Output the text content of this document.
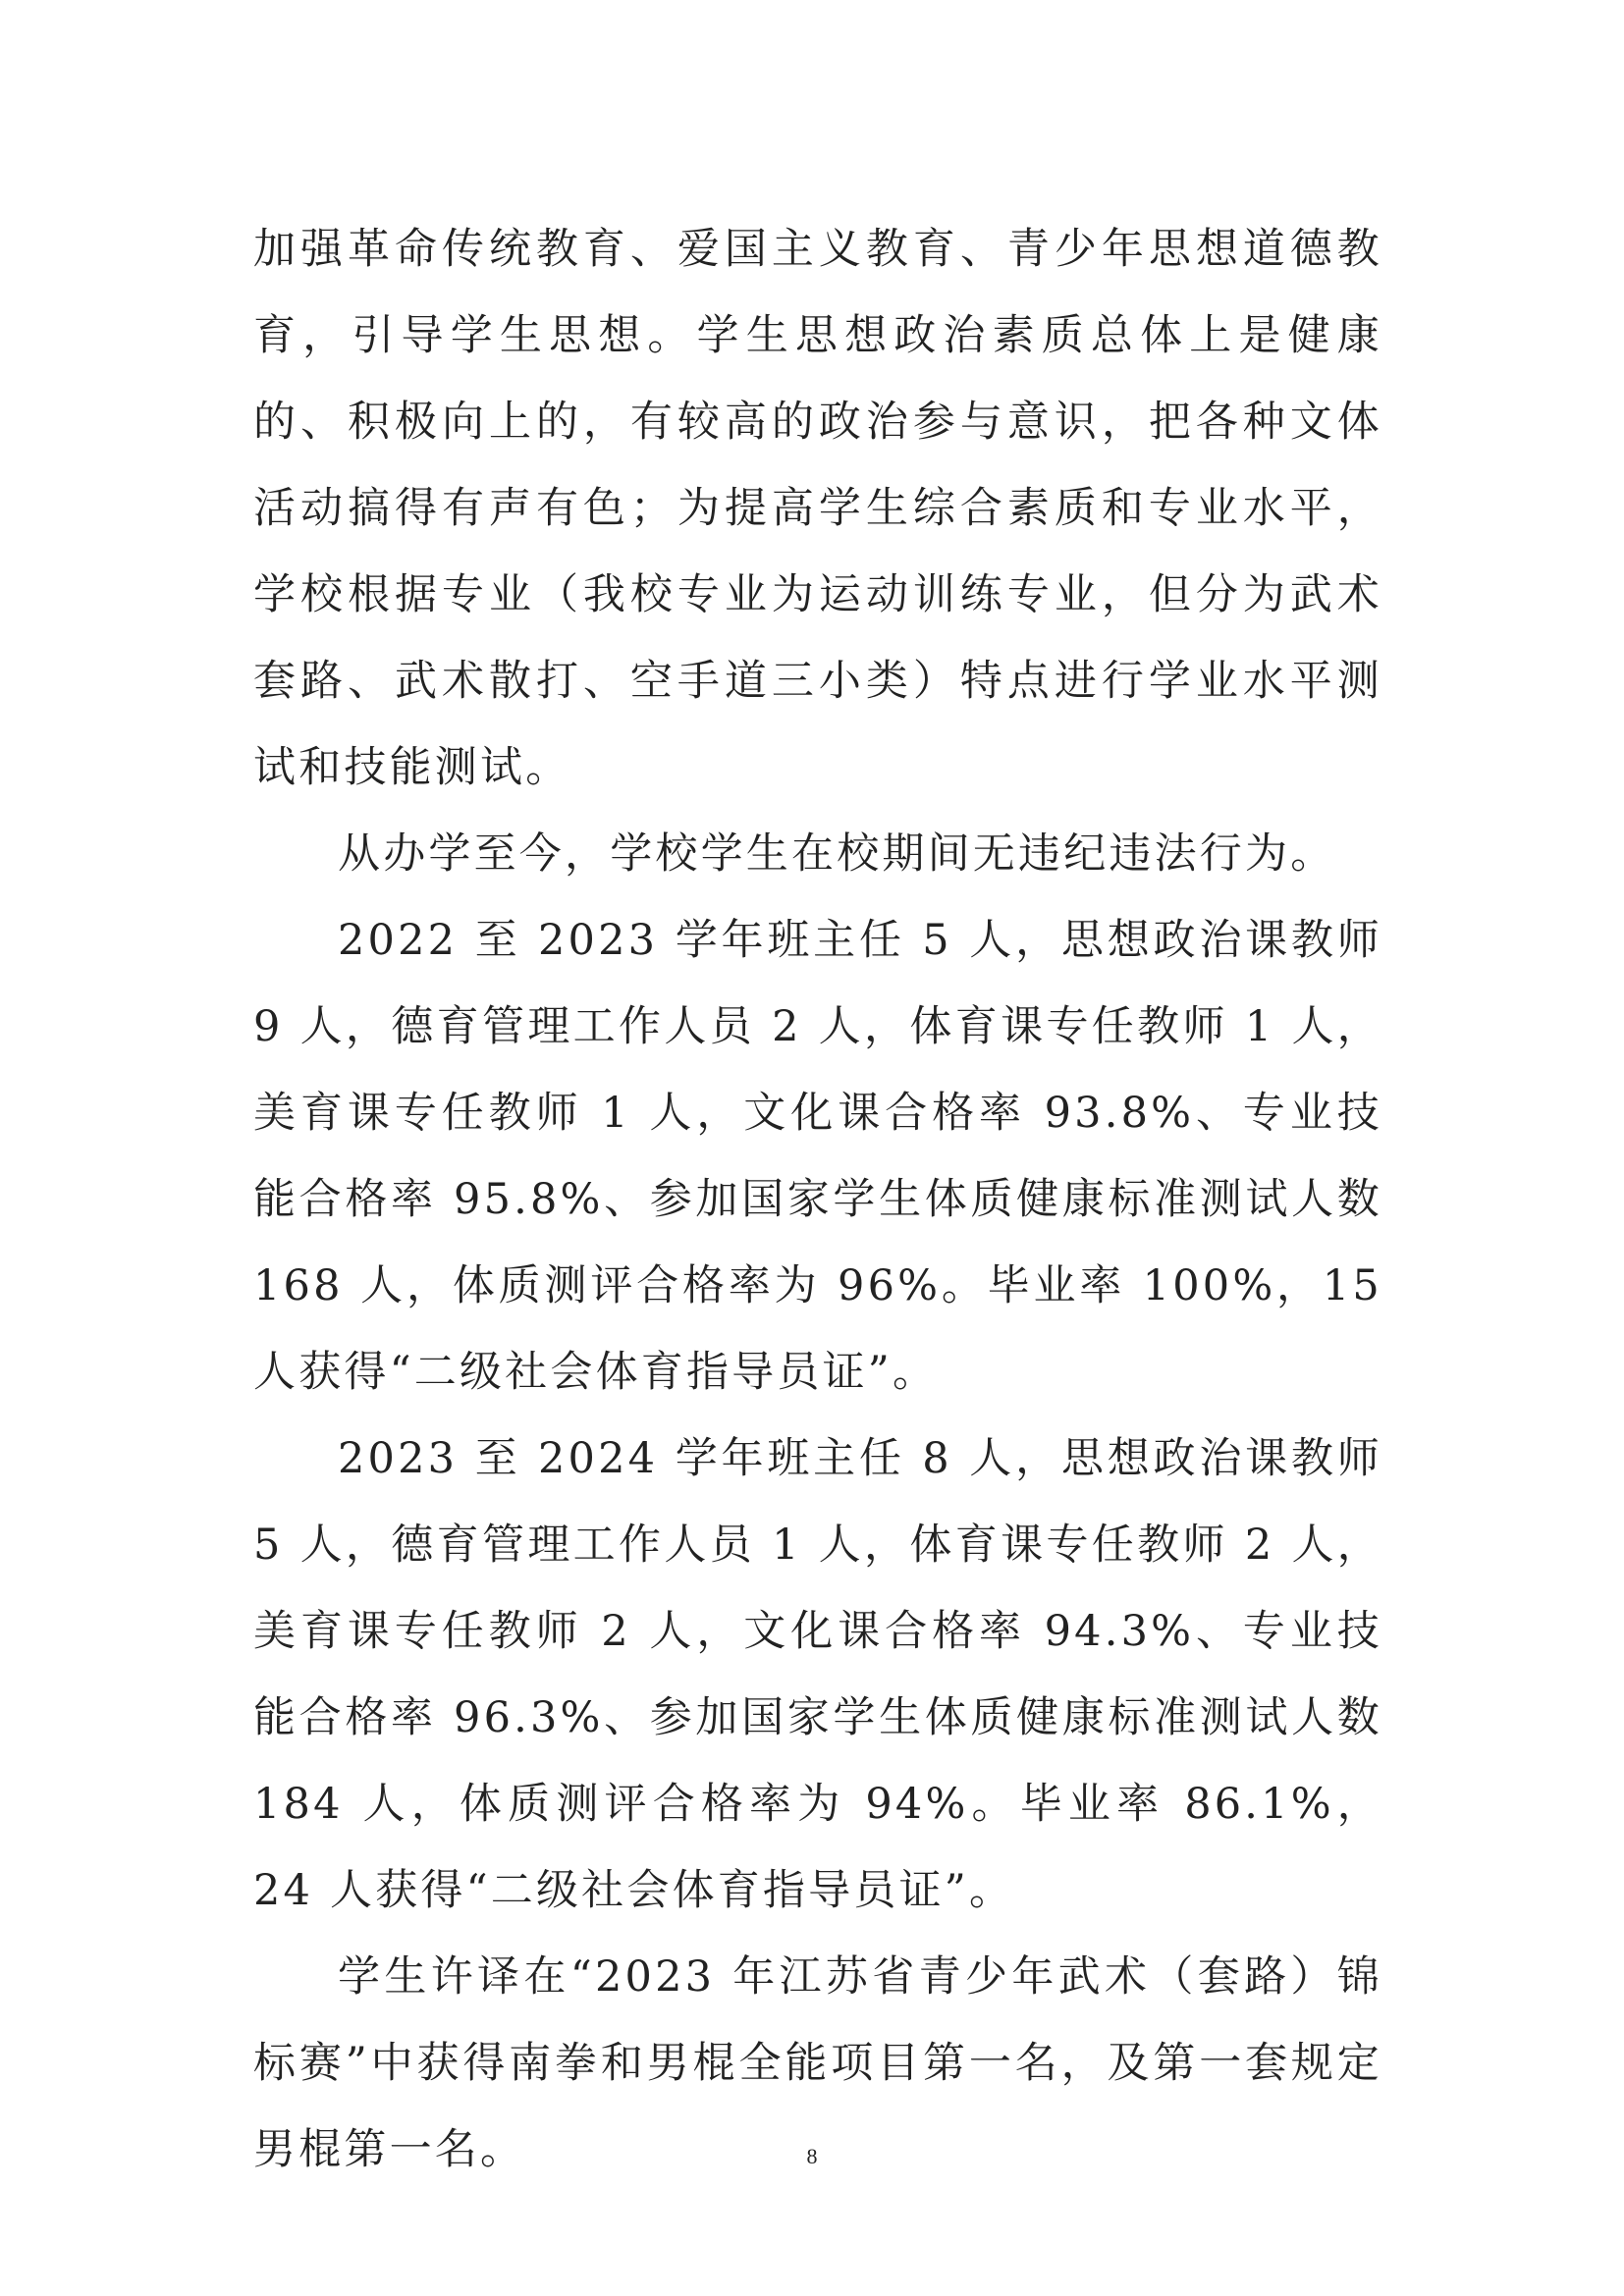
加强革命传统教育、爱国主义教育、青少年思想道德教育，引导学生思想。学生思想政治素质总体上是健康的、积极向上的，有较高的政治参与意识，把各种文体活动搞得有声有色；为提高学生综合素质和专业水平，学校根据专业（我校专业为运动训练专业，但分为武术套路、武术散打、空手道三小类）特点进行学业水平测试和技能测试。

从办学至今，学校学生在校期间无违纪违法行为。

2022 至 2023 学年班主任 5 人，思想政治课教师 9 人，德育管理工作人员 2 人，体育课专任教师 1 人，美育课专任教师 1 人，文化课合格率 93.8%、专业技能合格率 95.8%、参加国家学生体质健康标准测试人数 168 人，体质测评合格率为 96%。毕业率 100%，15 人获得“二级社会体育指导员证”。

2023 至 2024 学年班主任 8 人，思想政治课教师 5 人，德育管理工作人员 1 人，体育课专任教师 2 人，美育课专任教师 2 人，文化课合格率 94.3%、专业技能合格率 96.3%、参加国家学生体质健康标准测试人数 184 人，体质测评合格率为 94%。毕业率 86.1%，24 人获得“二级社会体育指导员证”。

学生许译在“2023 年江苏省青少年武术（套路）锦标赛”中获得南拳和男棍全能项目第一名，及第一套规定男棍第一名。	8
